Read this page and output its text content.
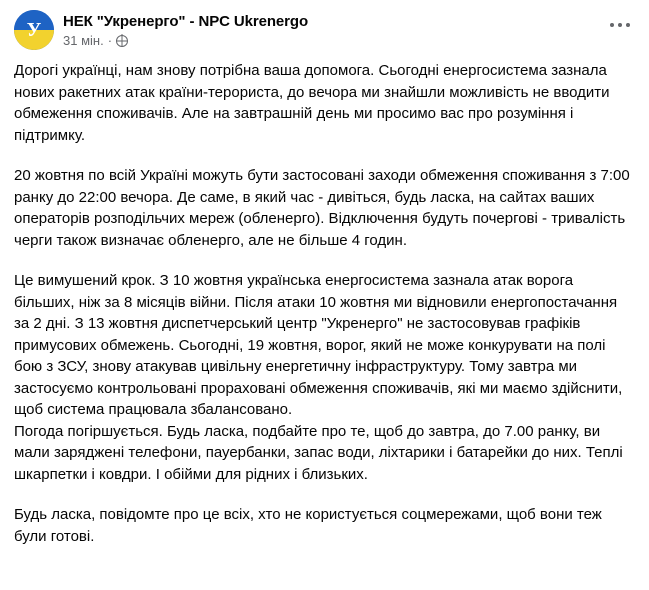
У НЕК "Укренерго" - NPC Ukrenergo
31 мін. ·

Дорогі українці, нам знову потрібна ваша допомога. Сьогодні енергосистема зазнала нових ракетних атак країни-терориста, до вечора ми знайшли можливість не вводити обмеження споживачів. Але на завтрашній день ми просимо вас про розуміння і підтримку.

20 жовтня по всій Україні можуть бути застосовані заходи обмеження споживання з 7:00 ранку до 22:00 вечора. Де саме, в який час - дивіться, будь ласка, на сайтах ваших операторів розподільчих мереж (обленерго). Відключення будуть почергові - тривалість черги також визначає обленерго, але не більше 4 годин.

Це вимушений крок. З 10 жовтня українська енергосистема зазнала атак ворога більших, ніж за 8 місяців війни. Після атаки 10 жовтня ми відновили енергопостачання за 2 дні. З 13 жовтня диспетчерський центр "Укренерго" не застосовував графіків примусових обмежень. Сьогодні, 19 жовтня, ворог, який не може конкурувати на полі бою з ЗСУ, знову атакував цивільну енергетичну інфраструктуру. Тому завтра ми застосуємо контрольовані прораховані обмеження споживачів, які ми маємо здійснити, щоб система працювала збалансовано.

Погода погіршується. Будь ласка, подбайте про те, щоб до завтра, до 7.00 ранку, ви мали заряджені телефони, пауербанки, запас води, ліхтарики і батарейки до них. Теплі шкарпетки і ковдри. І обійми для рідних і близьких.

Будь ласка, повідомте про це всіх, хто не користується соцмережами, щоб вони теж були готові.
